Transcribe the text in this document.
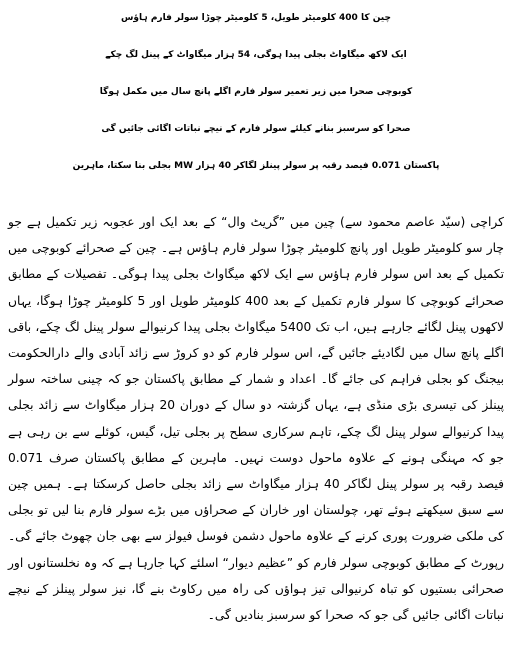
چین کا 400 کلومیٹر طویل، 5 کلومیٹر چوڑا سولر فارم ہاؤس
ایک لاکھ میگاواٹ بجلی پیدا ہوگی، 54 ہزار میگاواٹ کے پینل لگ چکے
کوبوچی صحرا میں زیر تعمیر سولر فارم اگلے پانچ سال میں مکمل ہوگا
صحرا کو سرسبز بنانے کیلئے سولر فارم کے نیچے نباتات اگائی جائیں گی
پاکستان 0.071 فیصد رقبہ پر سولر پینلز لگاکر 40 ہزار MW بجلی بنا سکتا، ماہرین
کراچی (سیّد عاصم محمود سے) چین میں ”گریٹ وال“ کے بعد ایک اور عجوبہ زیر تکمیل ہے جو چار سو کلومیٹر طویل اور پانچ کلومیٹر چوڑا سولر فارم ہاؤس ہے۔ چین کے صحرائے کوبوچی میں تکمیل کے بعد اس سولر فارم ہاؤس سے ایک لاکھ میگاواٹ بجلی پیدا ہوگی۔ تفصیلات کے مطابق صحرائے کوبوچی کا سولر فارم تکمیل کے بعد 400 کلومیٹر طویل اور 5 کلومیٹر چوڑا ہوگا، یہاں لاکھوں پینل لگائے جارہے ہیں، اب تک 5400 میگاواٹ بجلی پیدا کرنیوالے سولر پینل لگ چکے، باقی اگلے پانچ سال میں لگادیئے جائیں گے، اس سولر فارم کو دو کروڑ سے زائد آبادی والے دارالحکومت بیجنگ کو بجلی فراہم کی جائے گا۔ اعداد و شمار کے مطابق پاکستان جو کہ چینی ساختہ سولر پینلز کی تیسری بڑی منڈی ہے، یہاں گزشتہ دو سال کے دوران 20 ہزار میگاواٹ سے زائد بجلی پیدا کرنیوالے سولر پینل لگ چکے، تاہم سرکاری سطح پر بجلی تیل، گیس، کوئلے سے بن رہی ہے جو کہ مہنگی ہونے کے علاوہ ماحول دوست نہیں۔ ماہرین کے مطابق پاکستان صرف 0.071 فیصد رقبہ پر سولر پینل لگاکر 40 ہزار میگاواٹ سے زائد بجلی حاصل کرسکتا ہے۔ ہمیں چین سے سبق سیکھتے ہوئے تھر، چولستان اور خاران کے صحراؤں میں بڑے سولر فارم بنا لیں تو بجلی کی ملکی ضرورت پوری کرنے کے علاوہ ماحول دشمن فوسل فیولز سے بھی جان چھوٹ جائے گی۔ رپورٹ کے مطابق کوبوچی سولر فارم کو ”عظیم دیوار“ اسلئے کہا جارہا ہے کہ وہ نخلستانوں اور صحرائی بستیوں کو تباہ کرنیوالی تیز ہواؤں کی راہ میں رکاوٹ بنے گا، نیز سولر پینلز کے نیچے نباتات اگائی جائیں گی جو کہ صحرا کو سرسبز بنادیں گی۔
